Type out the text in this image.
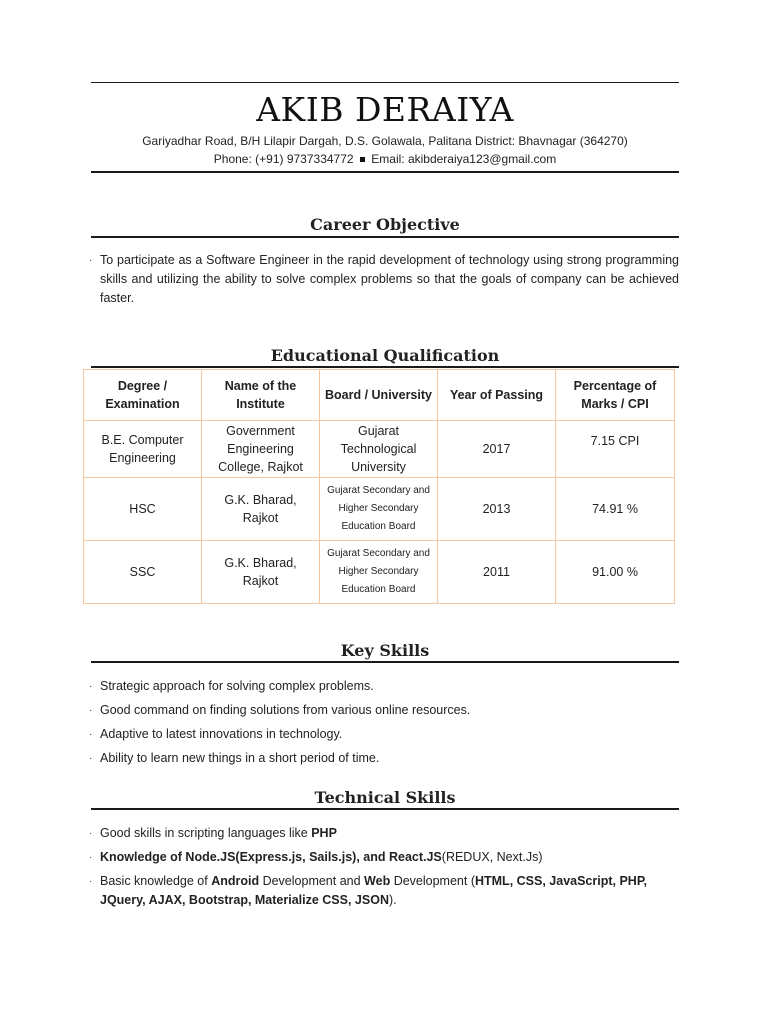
AKIB DERAIYA
Gariyadhar Road, B/H Lilapir Dargah, D.S. Golawala, Palitana District: Bhavnagar (364270)
Phone: (+91) 9737334772 Email: akibderaiya123@gmail.com
Career Objective
· To participate as a Software Engineer in the rapid development of technology using strong programming skills and utilizing the ability to solve complex problems so that the goals of company can be achieved faster.
Educational Qualification
Degree / Examination	Name of the Institute	Board / University	Year of Passing	Percentage of Marks / CPI
B.E. Computer Engineering	Government Engineering College, Rajkot	Gujarat Technological University	2017	7.15 CPI
HSC	G.K. Bharad, Rajkot	Gujarat Secondary and Higher Secondary Education Board	2013	74.91 %
SSC	G.K. Bharad, Rajkot	Gujarat Secondary and Higher Secondary Education Board	2011	91.00 %
Key Skills
· Strategic approach for solving complex problems.
· Good command on finding solutions from various online resources.
· Adaptive to latest innovations in technology.
· Ability to learn new things in a short period of time.
Technical Skills
· Good skills in scripting languages like PHP
· Knowledge of Node.JS(Express.js, Sails.js), and React.JS(REDUX, Next.Js)
· Basic knowledge of Android Development and Web Development (HTML, CSS, JavaScript, PHP, JQuery, AJAX, Bootstrap, Materialize CSS, JSON).
